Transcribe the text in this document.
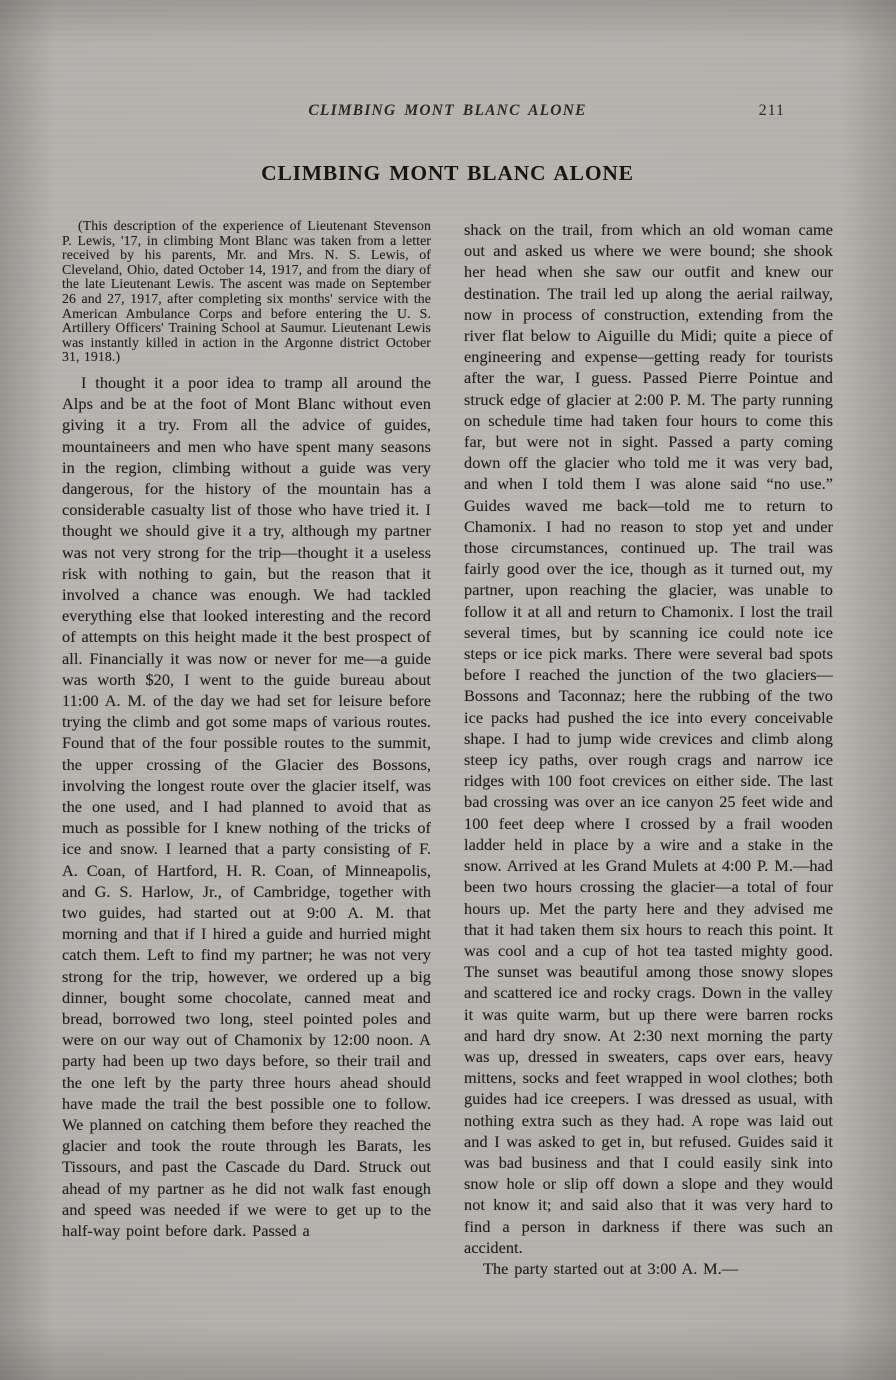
CLIMBING MONT BLANC ALONE	211
CLIMBING MONT BLANC ALONE

(This description of the experience of Lieutenant Stevenson P. Lewis, '17, in climbing Mont Blanc was taken from a letter received by his parents, Mr. and Mrs. N. S. Lewis, of Cleveland, Ohio, dated October 14, 1917, and from the diary of the late Lieutenant Lewis. The ascent was made on September 26 and 27, 1917, after completing six months' service with the American Ambulance Corps and before entering the U. S. Artillery Officers' Training School at Saumur. Lieutenant Lewis was instantly killed in action in the Argonne district October 31, 1918.)

I thought it a poor idea to tramp all around the Alps and be at the foot of Mont Blanc without even giving it a try. From all the advice of guides, mountaineers and men who have spent many seasons in the region, climbing without a guide was very dangerous, for the history of the mountain has a considerable casualty list of those who have tried it. I thought we should give it a try, although my partner was not very strong for the trip—thought it a useless risk with nothing to gain, but the reason that it involved a chance was enough. We had tackled everything else that looked interesting and the record of attempts on this height made it the best prospect of all. Financially it was now or never for me—a guide was worth $20, I went to the guide bureau about 11:00 A. M. of the day we had set for leisure before trying the climb and got some maps of various routes. Found that of the four possible routes to the summit, the upper crossing of the Glacier des Bossons, involving the longest route over the glacier itself, was the one used, and I had planned to avoid that as much as possible for I knew nothing of the tricks of ice and snow. I learned that a party consisting of F. A. Coan, of Hartford, H. R. Coan, of Minneapolis, and G. S. Harlow, Jr., of Cambridge, together with two guides, had started out at 9:00 A. M. that morning and that if I hired a guide and hurried might catch them. Left to find my partner; he was not very strong for the trip, however, we ordered up a big dinner, bought some chocolate, canned meat and bread, borrowed two long, steel pointed poles and were on our way out of Chamonix by 12:00 noon. A party had been up two days before, so their trail and the one left by the party three hours ahead should have made the trail the best possible one to follow. We planned on catching them before they reached the glacier and took the route through les Barats, les Tissours, and past the Cascade du Dard. Struck out ahead of my partner as he did not walk fast enough and speed was needed if we were to get up to the half-way point before dark. Passed a

shack on the trail, from which an old woman came out and asked us where we were bound; she shook her head when she saw our outfit and knew our destination. The trail led up along the aerial railway, now in process of construction, extending from the river flat below to Aiguille du Midi; quite a piece of engineering and expense—getting ready for tourists after the war, I guess. Passed Pierre Pointue and struck edge of glacier at 2:00 P. M. The party running on schedule time had taken four hours to come this far, but were not in sight. Passed a party coming down off the glacier who told me it was very bad, and when I told them I was alone said “no use.” Guides waved me back—told me to return to Chamonix. I had no reason to stop yet and under those circumstances, continued up. The trail was fairly good over the ice, though as it turned out, my partner, upon reaching the glacier, was unable to follow it at all and return to Chamonix. I lost the trail several times, but by scanning ice could note ice steps or ice pick marks. There were several bad spots before I reached the junction of the two glaciers—Bossons and Taconnaz; here the rubbing of the two ice packs had pushed the ice into every conceivable shape. I had to jump wide crevices and climb along steep icy paths, over rough crags and narrow ice ridges with 100 foot crevices on either side. The last bad crossing was over an ice canyon 25 feet wide and 100 feet deep where I crossed by a frail wooden ladder held in place by a wire and a stake in the snow. Arrived at les Grand Mulets at 4:00 P. M.—had been two hours crossing the glacier—a total of four hours up. Met the party here and they advised me that it had taken them six hours to reach this point. It was cool and a cup of hot tea tasted mighty good. The sunset was beautiful among those snowy slopes and scattered ice and rocky crags. Down in the valley it was quite warm, but up there were barren rocks and hard dry snow. At 2:30 next morning the party was up, dressed in sweaters, caps over ears, heavy mittens, socks and feet wrapped in wool clothes; both guides had ice creepers. I was dressed as usual, with nothing extra such as they had. A rope was laid out and I was asked to get in, but refused. Guides said it was bad business and that I could easily sink into snow hole or slip off down a slope and they would not know it; and said also that it was very hard to find a person in darkness if there was such an accident.

The party started out at 3:00 A. M.—
